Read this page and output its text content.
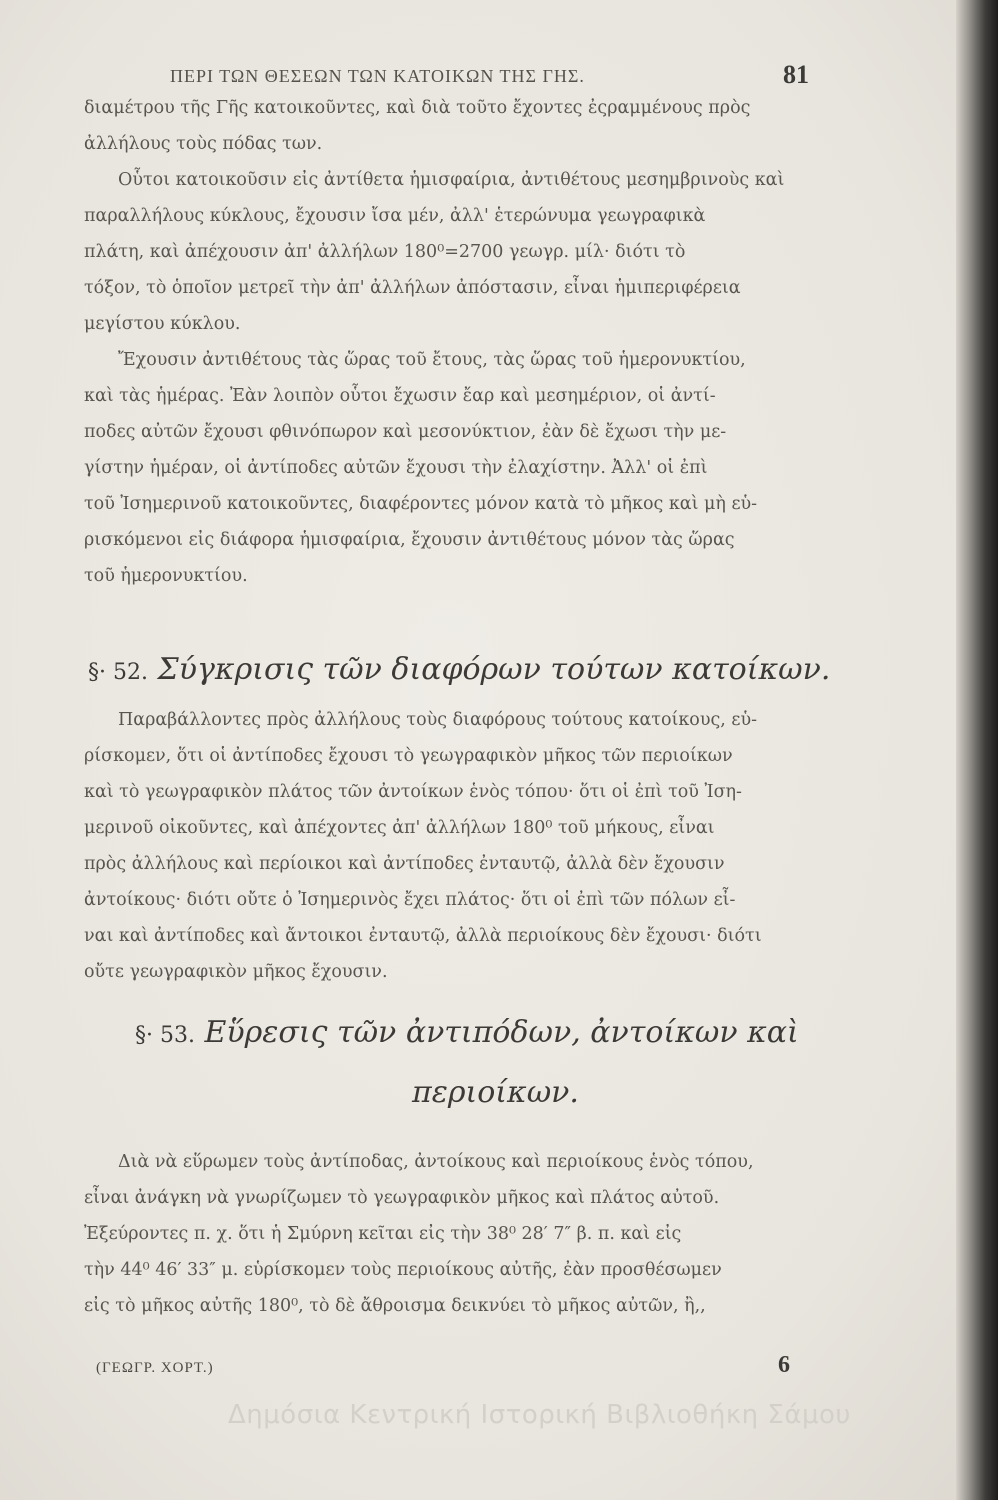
ΠΕΡΙ ΤΩΝ ΘΕΣΕΩΝ ΤΩΝ ΚΑΤΟΙΚΩΝ ΤΗΣ ΓΗΣ.	81
διαμέτρου τῆς Γῆς κατοικοῦντες, καὶ διὰ τοῦτο ἔχοντες ἐςραμμένους πρὸς
ἀλλήλους τοὺς πόδας των.
Οὗτοι κατοικοῦσιν εἰς ἀντίθετα ἡμισφαίρια, ἀντιθέτους μεσημβρινοὺς καὶ
παραλλήλους κύκλους, ἔχουσιν ἴσα μέν, ἀλλ' ἑτερώνυμα γεωγραφικὰ
πλάτη, καὶ ἀπέχουσιν ἀπ' ἀλλήλων 180⁰=2700 γεωγρ. μίλ· διότι τὸ
τόξον, τὸ ὁποῖον μετρεῖ τὴν ἀπ' ἀλλήλων ἀπόστασιν, εἶναι ἡμιπεριφέρεια
μεγίστου κύκλου.
Ἔχουσιν ἀντιθέτους τὰς ὥρας τοῦ ἔτους, τὰς ὥρας τοῦ ἡμερονυκτίου,
καὶ τὰς ἡμέρας. Ἐὰν λοιπὸν οὗτοι ἔχωσιν ἔαρ καὶ μεσημέριον, οἱ ἀντί-
ποδες αὐτῶν ἔχουσι φθινόπωρον καὶ μεσονύκτιον, ἐὰν δὲ ἔχωσι τὴν με-
γίστην ἡμέραν, οἱ ἀντίποδες αὐτῶν ἔχουσι τὴν ἐλαχίστην. Ἀλλ' οἱ ἐπὶ
τοῦ Ἰσημερινοῦ κατοικοῦντες, διαφέροντες μόνον κατὰ τὸ μῆκος καὶ μὴ εὑ-
ρισκόμενοι εἰς διάφορα ἡμισφαίρια, ἔχουσιν ἀντιθέτους μόνον τὰς ὥρας
τοῦ ἡμερονυκτίου.
§· 52. Σύγκρισις τῶν διαφόρων τούτων κατοίκων.
Παραβάλλοντες πρὸς ἀλλήλους τοὺς διαφόρους τούτους κατοίκους, εὑ-
ρίσκομεν, ὅτι οἱ ἀντίποδες ἔχουσι τὸ γεωγραφικὸν μῆκος τῶν περιοίκων
καὶ τὸ γεωγραφικὸν πλάτος τῶν ἀντοίκων ἑνὸς τόπου· ὅτι οἱ ἐπὶ τοῦ Ἰση-
μερινοῦ οἰκοῦντες, καὶ ἀπέχοντες ἀπ' ἀλλήλων 180⁰ τοῦ μήκους, εἶναι
πρὸς ἀλλήλους καὶ περίοικοι καὶ ἀντίποδες ἐνταυτῷ, ἀλλὰ δὲν ἔχουσιν
ἀντοίκους· διότι οὔτε ὁ Ἰσημερινὸς ἔχει πλάτος· ὅτι οἱ ἐπὶ τῶν πόλων εἶ-
ναι καὶ ἀντίποδες καὶ ἄντοικοι ἐνταυτῷ, ἀλλὰ περιοίκους δὲν ἔχουσι· διότι
οὔτε γεωγραφικὸν μῆκος ἔχουσιν.
§· 53. Εὕρεσις τῶν ἀντιπόδων, ἀντοίκων καὶ
περιοίκων.
Διὰ νὰ εὕρωμεν τοὺς ἀντίποδας, ἀντοίκους καὶ περιοίκους ἑνὸς τόπου,
εἶναι ἀνάγκη νὰ γνωρίζωμεν τὸ γεωγραφικὸν μῆκος καὶ πλάτος αὐτοῦ.
Ἐξεύροντες π. χ. ὅτι ἡ Σμύρνη κεῖται εἰς τὴν 38⁰ 28′ 7″ β. π. καὶ εἰς
τὴν 44⁰ 46′ 33″ μ. εὑρίσκομεν τοὺς περιοίκους αὐτῆς, ἐὰν προσθέσωμεν
εἰς τὸ μῆκος αὐτῆς 180⁰, τὸ δὲ ἄθροισμα δεικνύει τὸ μῆκος αὐτῶν, ἢ,,
(ΓΕΩΓΡ. ΧΟΡΤ.)	6
Δημόσια Κεντρική Ιστορική Βιβλιοθήκη Σάμου
